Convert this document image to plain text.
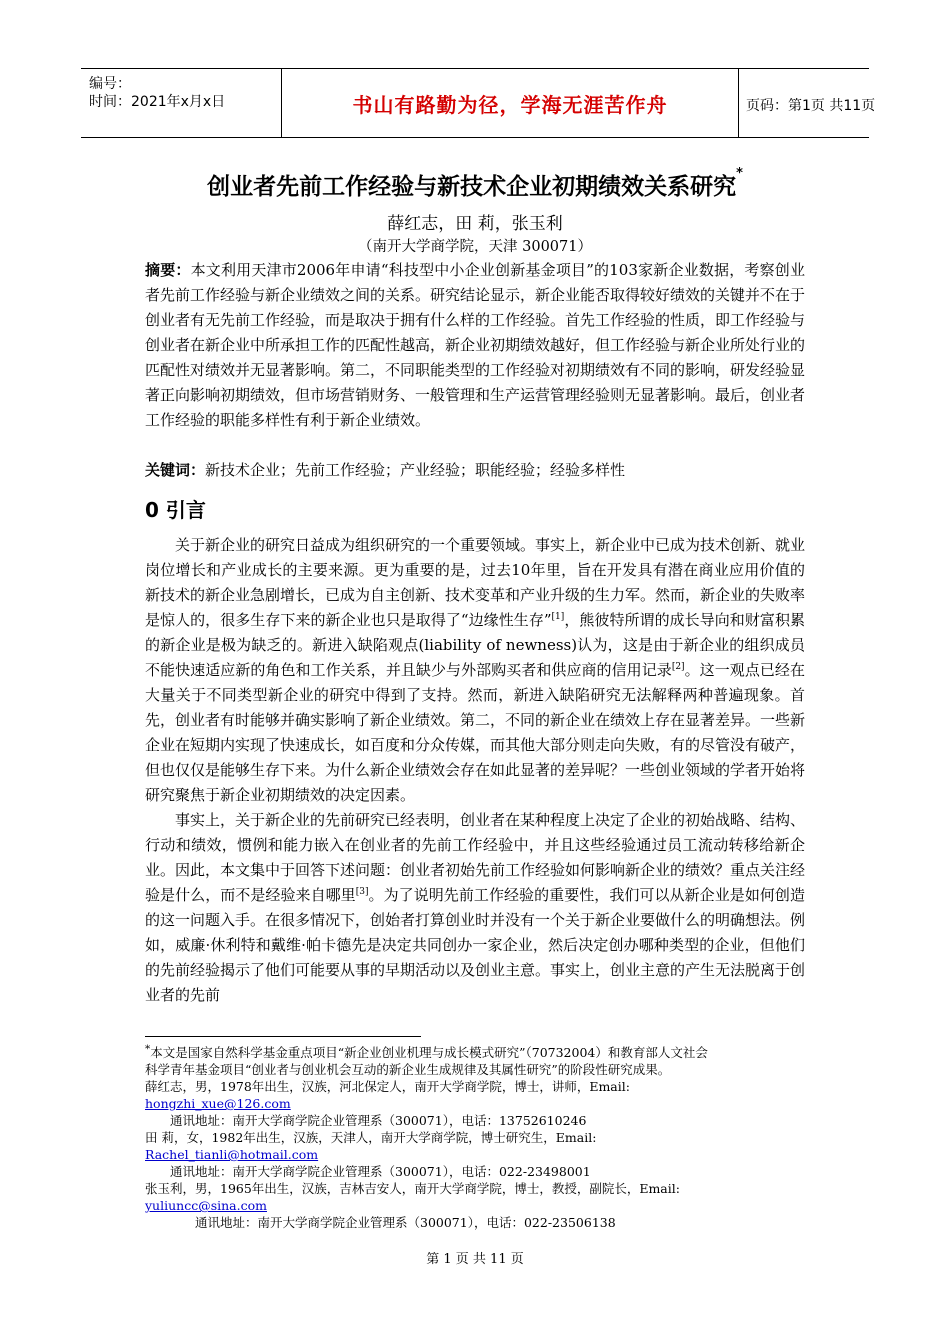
编号：
时间：2021年x月x日	书山有路勤为径，学海无涯苦作舟	页码：第1页 共11页
创业者先前工作经验与新技术企业初期绩效关系研究*
薛红志，田 莉，张玉利
（南开大学商学院，天津 300071）

摘要：本文利用天津市2006年申请“科技型中小企业创新基金项目”的103家新企业数据，考察创业者先前工作经验与新企业绩效之间的关系。研究结论显示，新企业能否取得较好绩效的关键并不在于创业者有无先前工作经验，而是取决于拥有什么样的工作经验。首先工作经验的性质，即工作经验与创业者在新企业中所承担工作的匹配性越高，新企业初期绩效越好，但工作经验与新企业所处行业的匹配性对绩效并无显著影响。第二，不同职能类型的工作经验对初期绩效有不同的影响，研发经验显著正向影响初期绩效，但市场营销财务、一般管理和生产运营管理经验则无显著影响。最后，创业者工作经验的职能多样性有利于新企业绩效。

关键词：新技术企业；先前工作经验；产业经验；职能经验；经验多样性

0 引言

关于新企业的研究日益成为组织研究的一个重要领域。事实上，新企业中已成为技术创新、就业岗位增长和产业成长的主要来源。更为重要的是，过去10年里，旨在开发具有潜在商业应用价值的新技术的新企业急剧增长，已成为自主创新、技术变革和产业升级的生力军。然而，新企业的失败率是惊人的，很多生存下来的新企业也只是取得了“边缘性生存”[1]，熊彼特所谓的成长导向和财富积累的新企业是极为缺乏的。新进入缺陷观点(liability of newness)认为，这是由于新企业的组织成员不能快速适应新的角色和工作关系，并且缺少与外部购买者和供应商的信用记录[2]。这一观点已经在大量关于不同类型新企业的研究中得到了支持。然而，新进入缺陷研究无法解释两种普遍现象。首先，创业者有时能够并确实影响了新企业绩效。第二，不同的新企业在绩效上存在显著差异。一些新企业在短期内实现了快速成长，如百度和分众传媒，而其他大部分则走向失败，有的尽管没有破产，但也仅仅是能够生存下来。为什么新企业绩效会存在如此显著的差异呢？一些创业领域的学者开始将研究聚焦于新企业初期绩效的决定因素。

事实上，关于新企业的先前研究已经表明，创业者在某种程度上决定了企业的初始战略、结构、行动和绩效，惯例和能力嵌入在创业者的先前工作经验中，并且这些经验通过员工流动转移给新企业。因此，本文集中于回答下述问题：创业者初始先前工作经验如何影响新企业的绩效？重点关注经验是什么，而不是经验来自哪里[3]。为了说明先前工作经验的重要性，我们可以从新企业是如何创造的这一问题入手。在很多情况下，创始者打算创业时并没有一个关于新企业要做什么的明确想法。例如，威廉·休利特和戴维·帕卡德先是决定共同创办一家企业，然后决定创办哪种类型的企业，但他们的先前经验揭示了他们可能要从事的早期活动以及创业主意。事实上，创业主意的产生无法脱离于创业者的先前

*本文是国家自然科学基金重点项目“新企业创业机理与成长模式研究”（70732004）和教育部人文社会
科学青年基金项目“创业者与创业机会互动的新企业生成规律及其属性研究”的阶段性研究成果。
薛红志，男，1978年出生，汉族，河北保定人，南开大学商学院，博士，讲师，Email:
hongzhi_xue@126.com
通讯地址：南开大学商学院企业管理系（300071），电话：13752610246
田 莉，女，1982年出生，汉族，天津人，南开大学商学院，博士研究生，Email:
Rachel_tianli@hotmail.com
通讯地址：南开大学商学院企业管理系（300071），电话：022-23498001
张玉利，男，1965年出生，汉族，吉林吉安人，南开大学商学院，博士，教授，副院长，Email:
yuliuncc@sina.com
通讯地址：南开大学商学院企业管理系（300071），电话：022-23506138
第 1 页 共 11 页
